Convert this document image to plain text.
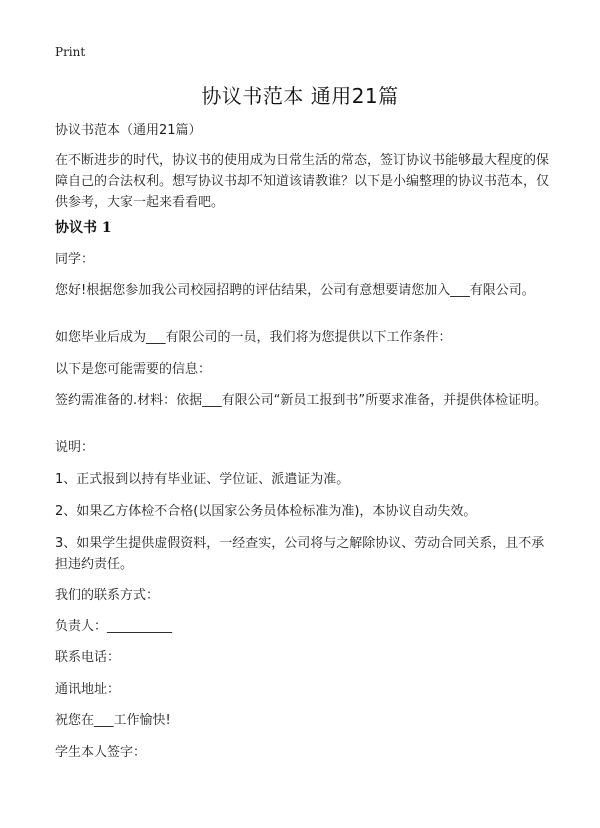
Print
协议书范本 通用21篇
协议书范本（通用21篇）
在不断进步的时代，协议书的使用成为日常生活的常态，签订协议书能够最大程度的保障自己的合法权利。想写协议书却不知道该请教谁？以下是小编整理的协议书范本，仅供参考，大家一起来看看吧。
协议书 1
同学：
您好!根据您参加我公司校园招聘的评估结果，公司有意想要请您加入___有限公司。
如您毕业后成为___有限公司的一员，我们将为您提供以下工作条件：
以下是您可能需要的信息：
签约需准备的.材料：依据___有限公司“新员工报到书”所要求准备，并提供体检证明。
说明：
1、正式报到以持有毕业证、学位证、派遣证为准。
2、如果乙方体检不合格(以国家公务员体检标准为准)，本协议自动失效。
3、如果学生提供虚假资料，一经查实，公司将与之解除协议、劳动合同关系，且不承担违约责任。
我们的联系方式：
负责人：__________
联系电话：
通讯地址：
祝您在___工作愉快!
学生本人签字：
